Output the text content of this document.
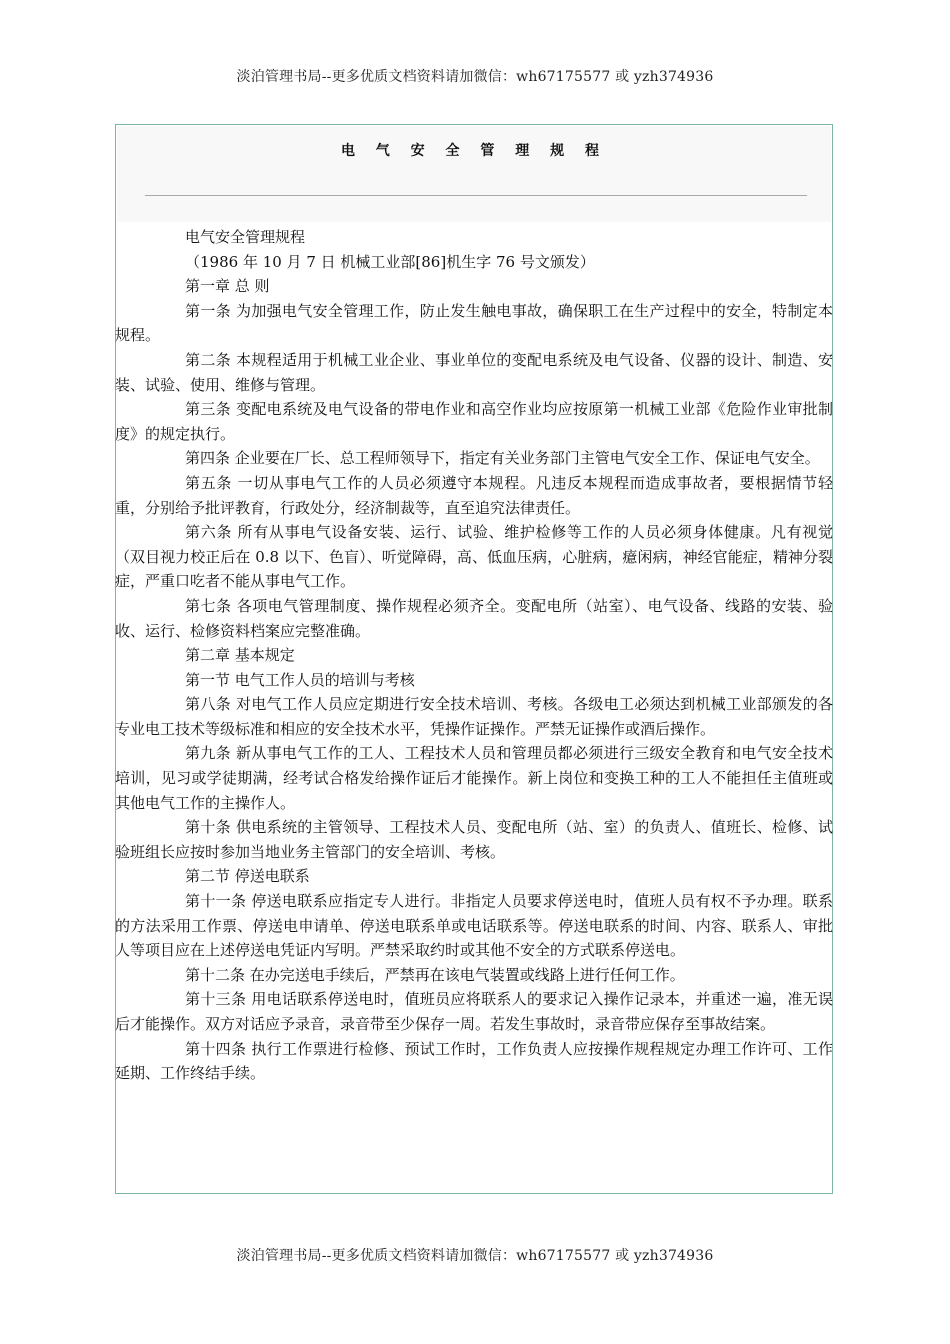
淡泊管理书局--更多优质文档资料请加微信：wh67175577 或 yzh374936
电 气 安 全 管 理 规 程

电气安全管理规程

（1986 年 10 月 7 日 机械工业部[86]机生字 76 号文颁发）

第一章 总 则

第一条 为加强电气安全管理工作，防止发生触电事故，确保职工在生产过程中的安全，特制定本规程。

第二条 本规程适用于机械工业企业、事业单位的变配电系统及电气设备、仪器的设计、制造、安装、试验、使用、维修与管理。

第三条 变配电系统及电气设备的带电作业和高空作业均应按原第一机械工业部《危险作业审批制度》的规定执行。

第四条 企业要在厂长、总工程师领导下，指定有关业务部门主管电气安全工作、保证电气安全。

第五条 一切从事电气工作的人员必须遵守本规程。凡违反本规程而造成事故者，要根据情节轻重，分别给予批评教育，行政处分，经济制裁等，直至追究法律责任。

第六条 所有从事电气设备安装、运行、试验、维护检修等工作的人员必须身体健康。凡有视觉（双目视力校正后在 0.8 以下、色盲）、听觉障碍，高、低血压病，心脏病，癔闲病，神经官能症，精神分裂症，严重口吃者不能从事电气工作。

第七条 各项电气管理制度、操作规程必须齐全。变配电所（站室）、电气设备、线路的安装、验收、运行、检修资料档案应完整准确。

第二章 基本规定

第一节 电气工作人员的培训与考核

第八条 对电气工作人员应定期进行安全技术培训、考核。各级电工必须达到机械工业部颁发的各专业电工技术等级标准和相应的安全技术水平，凭操作证操作。严禁无证操作或酒后操作。

第九条 新从事电气工作的工人、工程技术人员和管理员都必须进行三级安全教育和电气安全技术培训，见习或学徒期满，经考试合格发给操作证后才能操作。新上岗位和变换工种的工人不能担任主值班或其他电气工作的主操作人。

第十条 供电系统的主管领导、工程技术人员、变配电所（站、室）的负责人、值班长、检修、试验班组长应按时参加当地业务主管部门的安全培训、考核。

第二节 停送电联系

第十一条 停送电联系应指定专人进行。非指定人员要求停送电时，值班人员有权不予办理。联系的方法采用工作票、停送电申请单、停送电联系单或电话联系等。停送电联系的时间、内容、联系人、审批人等项目应在上述停送电凭证内写明。严禁采取约时或其他不安全的方式联系停送电。

第十二条 在办完送电手续后，严禁再在该电气装置或线路上进行任何工作。

第十三条 用电话联系停送电时，值班员应将联系人的要求记入操作记录本，并重述一遍，准无误后才能操作。双方对话应予录音，录音带至少保存一周。若发生事故时，录音带应保存至事故结案。

第十四条 执行工作票进行检修、预试工作时，工作负责人应按操作规程规定办理工作许可、工作延期、工作终结手续。

淡泊管理书局--更多优质文档资料请加微信：wh67175577 或 yzh374936
